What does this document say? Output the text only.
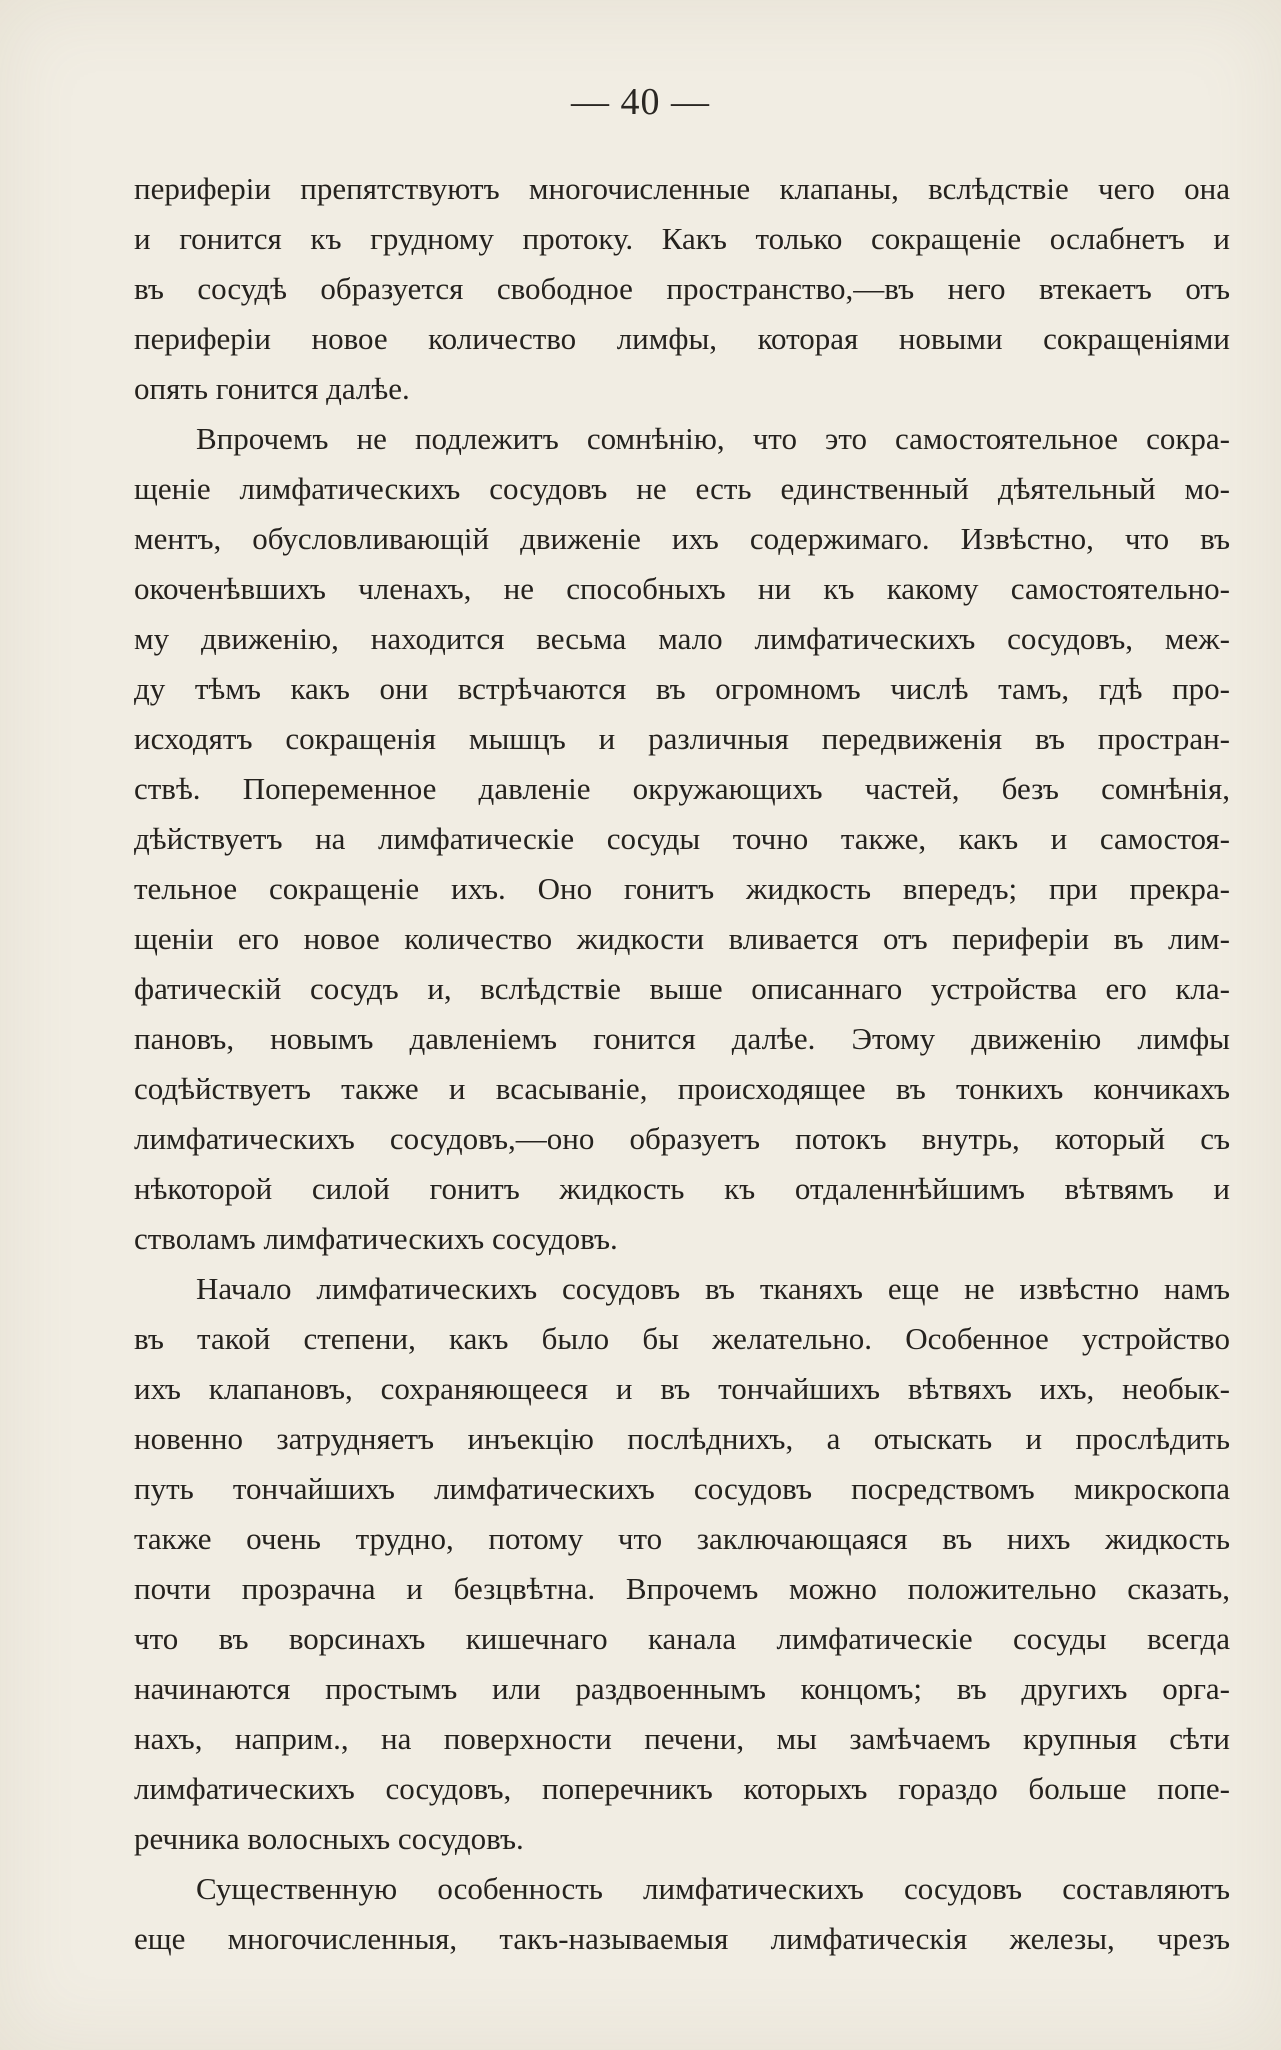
— 40 —
периферіи препятствуютъ многочисленные клапаны, вслѣдствіе чего она
и гонится къ грудному протоку. Какъ только сокращеніе ослабнетъ и
въ сосудѣ образуется свободное пространство,—въ него втекаетъ отъ
периферіи новое количество лимфы, которая новыми сокращеніями
опять гонится далѣе.
Впрочемъ не подлежитъ сомнѣнію, что это самостоятельное сокра-
щеніе лимфатическихъ сосудовъ не есть единственный дѣятельный мо-
ментъ, обусловливающій движеніе ихъ содержимаго. Извѣстно, что въ
окоченѣвшихъ членахъ, не способныхъ ни къ какому самостоятельно-
му движенію, находится весьма мало лимфатическихъ сосудовъ, меж-
ду тѣмъ какъ они встрѣчаются въ огромномъ числѣ тамъ, гдѣ про-
исходятъ сокращенія мышцъ и различныя передвиженія въ простран-
ствѣ. Попеременное давленіе окружающихъ частей, безъ сомнѣнія,
дѣйствуетъ на лимфатическіе сосуды точно также, какъ и самостоя-
тельное сокращеніе ихъ. Оно гонитъ жидкость впередъ; при прекра-
щеніи его новое количество жидкости вливается отъ периферіи въ лим-
фатическій сосудъ и, вслѣдствіе выше описаннаго устройства его кла-
пановъ, новымъ давленіемъ гонится далѣе. Этому движенію лимфы
содѣйствуетъ также и всасываніе, происходящее въ тонкихъ кончикахъ
лимфатическихъ сосудовъ,—оно образуетъ потокъ внутрь, который съ
нѣкоторой силой гонитъ жидкость къ отдаленнѣйшимъ вѣтвямъ и
стволамъ лимфатическихъ сосудовъ.
Начало лимфатическихъ сосудовъ въ тканяхъ еще не извѣстно намъ
въ такой степени, какъ было бы желательно. Особенное устройство
ихъ клапановъ, сохраняющееся и въ тончайшихъ вѣтвяхъ ихъ, необык-
новенно затрудняетъ инъекцію послѣднихъ, а отыскать и прослѣдить
путь тончайшихъ лимфатическихъ сосудовъ посредствомъ микроскопа
также очень трудно, потому что заключающаяся въ нихъ жидкость
почти прозрачна и безцвѣтна. Впрочемъ можно положительно сказать,
что въ ворсинахъ кишечнаго канала лимфатическіе сосуды всегда
начинаются простымъ или раздвоеннымъ концомъ; въ другихъ орга-
нахъ, наприм., на поверхности печени, мы замѣчаемъ крупныя сѣти
лимфатическихъ сосудовъ, поперечникъ которыхъ гораздо больше попе-
речника волосныхъ сосудовъ.
Существенную особенность лимфатическихъ сосудовъ составляютъ
еще многочисленныя, такъ-называемыя лимфатическія железы, чрезъ
